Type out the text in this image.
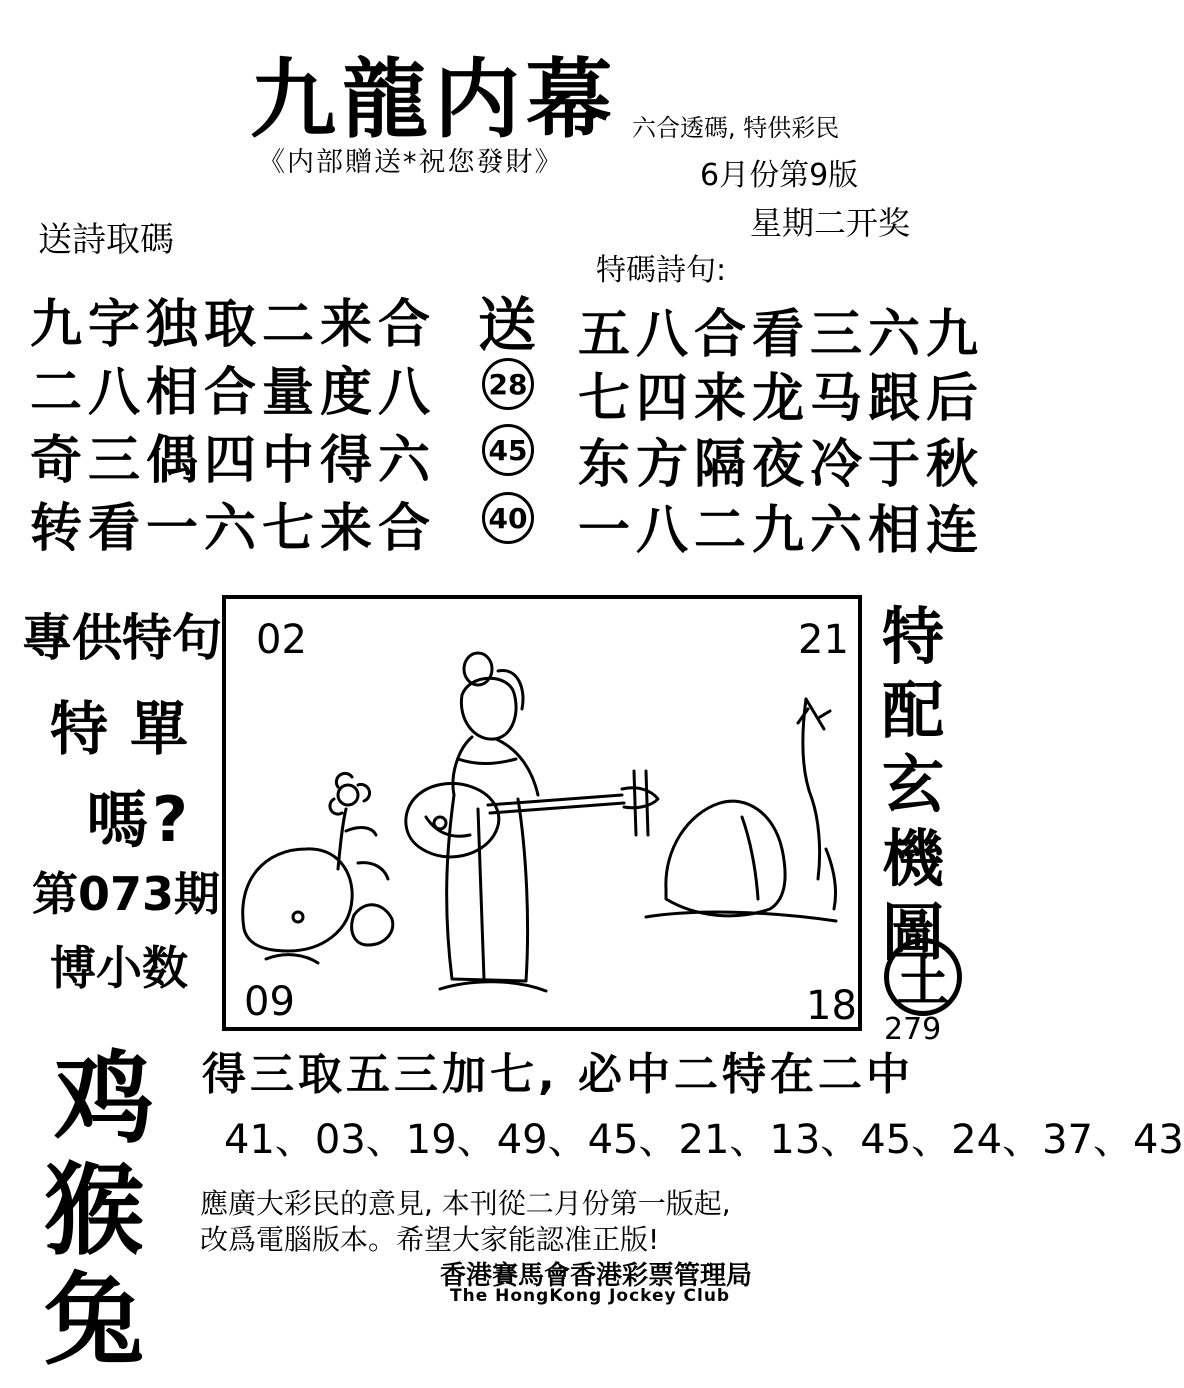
九龍内幕
《内部贈送*祝您發財》
六合透碼, 特供彩民
6月份第9版
星期二开奖
送詩取碼
特碼詩句:
九字独取二来合
二八相合量度八
奇三偶四中得六
转看一六七来合
送
28
45
40
五八合看三六九
七四来龙马跟后
东方隔夜冷于秋
一八二九六相连
專供特句
特單
嗎?
第073期
博小数
02	21
09	18
特
配
玄
機
圖
土
279
鸡
猴
兔
得三取五三加七, 必中二特在二中
41、03、19、49、45、21、13、45、24、37、43
應廣大彩民的意見, 本刊從二月份第一版起,
改爲電腦版本。希望大家能認准正版!
香港賽馬會香港彩票管理局
The HongKong Jockey Club
